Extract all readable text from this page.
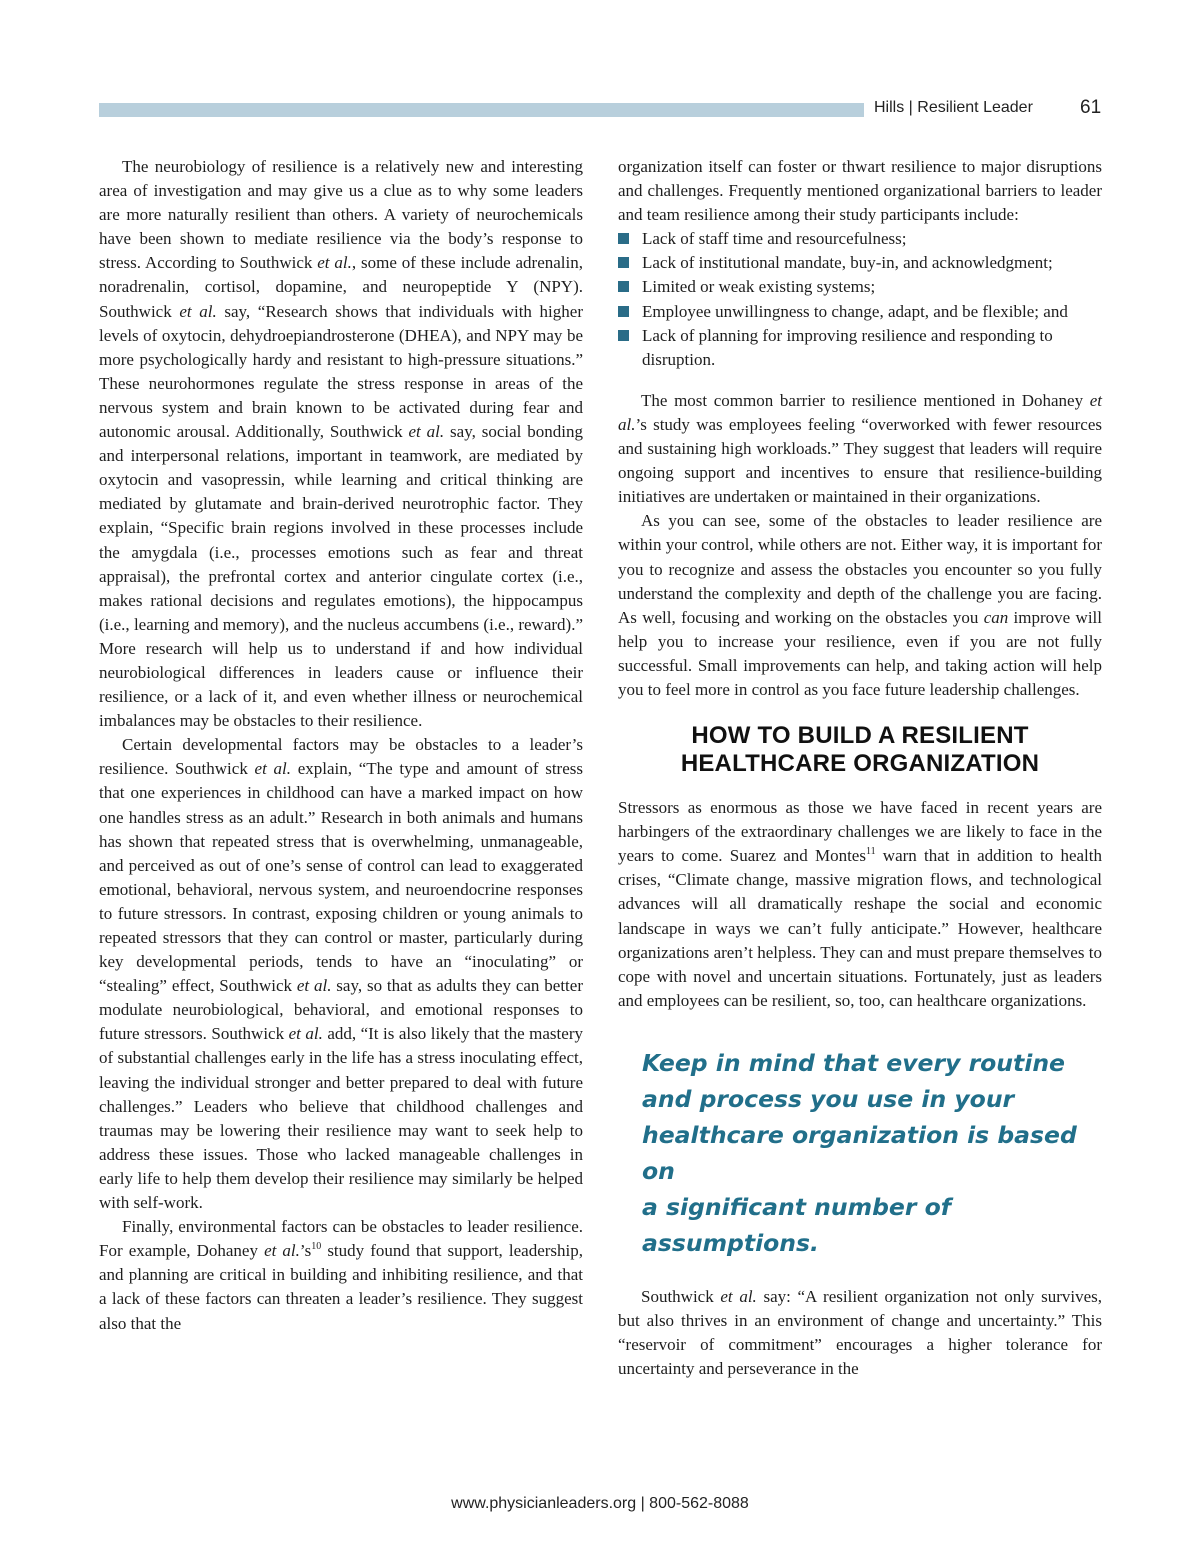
Hills | Resilient Leader 61

The neurobiology of resilience is a relatively new and interesting area of investigation and may give us a clue as to why some leaders are more naturally resilient than others. A variety of neurochemicals have been shown to mediate resilience via the body’s response to stress. According to Southwick et al., some of these include adrenalin, noradrenalin, cortisol, dopamine, and neuropeptide Y (NPY). Southwick et al. say, “Research shows that individuals with higher levels of oxytocin, dehydroepiandrosterone (DHEA), and NPY may be more psychologically hardy and resistant to high-pressure situations.” These neurohormones regulate the stress response in areas of the nervous system and brain known to be activated during fear and autonomic arousal. Additionally, Southwick et al. say, social bonding and interpersonal relations, important in teamwork, are mediated by oxytocin and vasopressin, while learning and critical thinking are mediated by glutamate and brain-derived neurotrophic factor. They explain, “Specific brain regions involved in these processes include the amygdala (i.e., processes emotions such as fear and threat appraisal), the prefrontal cortex and anterior cingulate cortex (i.e., makes rational decisions and regulates emotions), the hippocampus (i.e., learning and memory), and the nucleus accumbens (i.e., reward).” More research will help us to understand if and how individual neurobiological differences in leaders cause or influence their resilience, or a lack of it, and even whether illness or neurochemical imbalances may be obstacles to their resilience.

Certain developmental factors may be obstacles to a leader’s resilience. Southwick et al. explain, “The type and amount of stress that one experiences in childhood can have a marked impact on how one handles stress as an adult.” Research in both animals and humans has shown that repeated stress that is overwhelming, unmanageable, and perceived as out of one’s sense of control can lead to exaggerated emotional, behavioral, nervous system, and neuroendocrine responses to future stressors. In contrast, exposing children or young animals to repeated stressors that they can control or master, particularly during key developmental periods, tends to have an “inoculating” or “stealing” effect, Southwick et al. say, so that as adults they can better modulate neurobiological, behavioral, and emotional responses to future stressors. Southwick et al. add, “It is also likely that the mastery of substantial challenges early in the life has a stress inoculating effect, leaving the individual stronger and better prepared to deal with future challenges.” Leaders who believe that childhood challenges and traumas may be lowering their resilience may want to seek help to address these issues. Those who lacked manageable challenges in early life to help them develop their resilience may similarly be helped with self-work.

Finally, environmental factors can be obstacles to leader resilience. For example, Dohaney et $al.’s^{10}$ study found that support, leadership, and planning are critical in building and inhibiting resilience, and that a lack of these factors can threaten a leader’s resilience. They suggest also that the

organization itself can foster or thwart resilience to major disruptions and challenges. Frequently mentioned organizational barriers to leader and team resilience among their study participants include:

Lack of staff time and resourcefulness;
Lack of institutional mandate, buy-in, and acknowledgment;
Limited or weak existing systems;
Employee unwillingness to change, adapt, and be flexible; and
Lack of planning for improving resilience and responding to disruption.

The most common barrier to resilience mentioned in Dohaney et al.’s study was employees feeling “overworked with fewer resources and sustaining high workloads.” They suggest that leaders will require ongoing support and incentives to ensure that resilience-building initiatives are undertaken or maintained in their organizations.

As you can see, some of the obstacles to leader resilience are within your control, while others are not. Either way, it is important for you to recognize and assess the obstacles you encounter so you fully understand the complexity and depth of the challenge you are facing. As well, focusing and working on the obstacles you can improve will help you to increase your resilience, even if you are not fully successful. Small improvements can help, and taking action will help you to feel more in control as you face future leadership challenges.

HOW TO BUILD A RESILIENT HEALTHCARE ORGANIZATION

Stressors as enormous as those we have faced in recent years are harbingers of the extraordinary challenges we are likely to face in the years to come. Suarez and Montes$^{11}$ warn that in addition to health crises, “Climate change, massive migration flows, and technological advances will all dramatically reshape the social and economic landscape in ways we can’t fully anticipate.” However, healthcare organizations aren’t helpless. They can and must prepare themselves to cope with novel and uncertain situations. Fortunately, just as leaders and employees can be resilient, so, too, can healthcare organizations.

Keep in mind that every routine
and process you use in your
healthcare organization is based on
a significant number of assumptions.

Southwick et al. say: “A resilient organization not only survives, but also thrives in an environment of change and uncertainty.” This “reservoir of commitment” encourages a higher tolerance for uncertainty and perseverance in the

www.physicianleaders.org | 800-562-8088
